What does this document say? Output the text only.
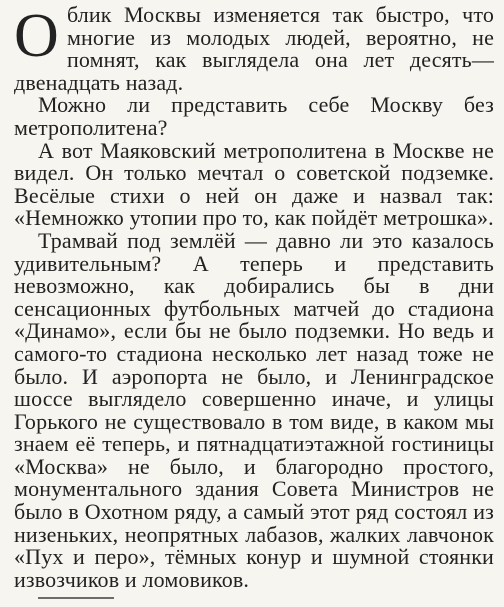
О блик Москвы изменяется так быстро, что многие из молодых людей, вероятно, не помнят, как выглядела она лет десять—двенадцать назад.

Можно ли представить себе Москву без метрополитена?

А вот Маяковский метрополитена в Москве не видел. Он только мечтал о советской подземке. Весёлые стихи о ней он даже и назвал так: «Немножко утопии про то, как пойдёт метрошка».

Трамвай под землёй — давно ли это казалось удивительным? А теперь и представить невозможно, как добирались бы в дни сенсационных футбольных матчей до стадиона «Динамо», если бы не было подземки. Но ведь и самого-то стадиона несколько лет назад тоже не было. И аэропорта не было, и Ленинградское шоссе выглядело совершенно иначе, и улицы Горького не существовало в том виде, в каком мы знаем её теперь, и пятнадцатиэтажной гостиницы «Москва» не было, и благородно простого, монументального здания Совета Министров не было в Охотном ряду, а самый этот ряд состоял из низеньких, неопрятных лабазов, жалких лавчонок «Пух и перо», тёмных конур и шумной стоянки извозчиков и ломовиков.
